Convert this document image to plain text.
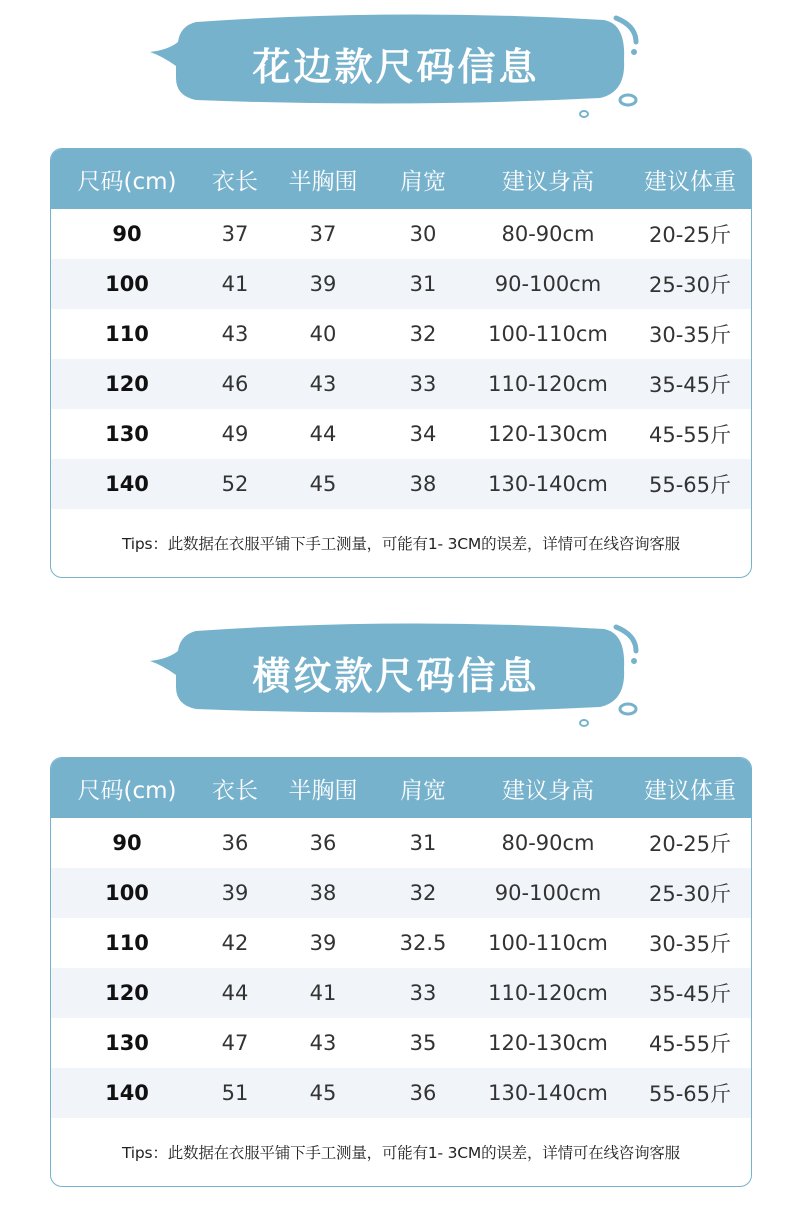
花边款尺码信息
尺码(cm)	衣长	半胸围	肩宽	建议身高	建议体重
90	37	37	30	80-90cm	20-25斤
100	41	39	31	90-100cm	25-30斤
110	43	40	32	100-110cm	30-35斤
120	46	43	33	110-120cm	35-45斤
130	49	44	34	120-130cm	45-55斤
140	52	45	38	130-140cm	55-65斤
Tips：此数据在衣服平铺下手工测量，可能有1- 3CM的误差，详情可在线咨询客服
横纹款尺码信息
尺码(cm)	衣长	半胸围	肩宽	建议身高	建议体重
90	36	36	31	80-90cm	20-25斤
100	39	38	32	90-100cm	25-30斤
110	42	39	32.5	100-110cm	30-35斤
120	44	41	33	110-120cm	35-45斤
130	47	43	35	120-130cm	45-55斤
140	51	45	36	130-140cm	55-65斤
Tips：此数据在衣服平铺下手工测量，可能有1- 3CM的误差，详情可在线咨询客服
